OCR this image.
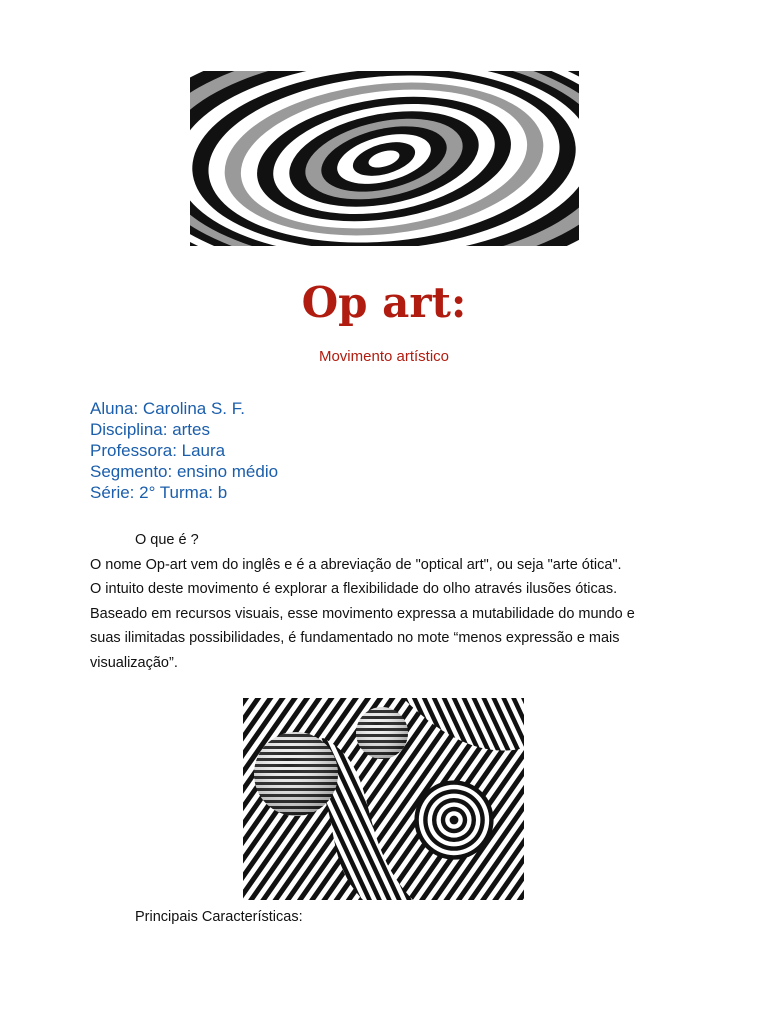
Op art:
Movimento artístico
Aluna: Carolina S. F.
Disciplina: artes
Professora: Laura
Segmento: ensino médio
Série: 2° Turma: b
O que é ?
O nome Op-art vem do inglês e é a abreviação de "optical art", ou seja "arte ótica".
O intuito deste movimento é explorar a flexibilidade do olho através ilusões óticas.
Baseado em recursos visuais, esse movimento expressa a mutabilidade do mundo e
suas ilimitadas possibilidades, é fundamentado no mote “menos expressão e mais
visualização”.
Principais Características:
